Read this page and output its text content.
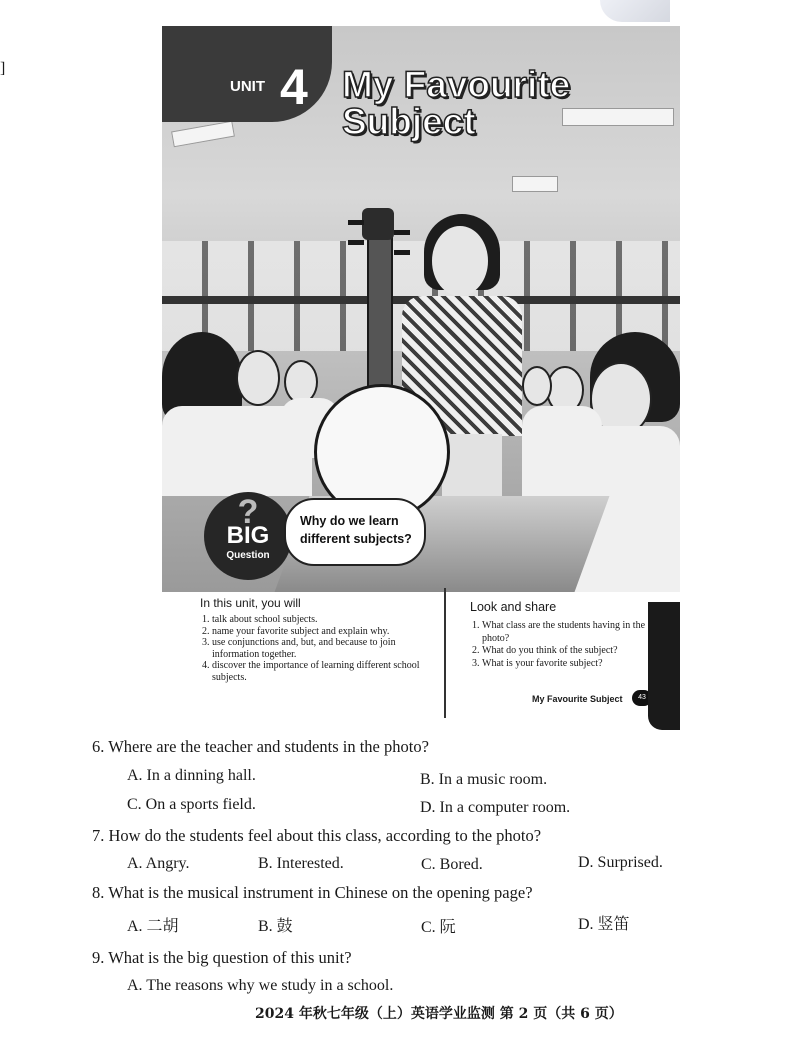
]
UNIT 4 My Favourite
Subject
?
BIG
Question
Why do we learn different subjects?
In this unit, you will
1. talk about school subjects.
2. name your favorite subject and explain why.
3. use conjunctions and, but, and because to join information together.
4. discover the importance of learning different school subjects.
Look and share
1. What class are the students having in the photo?
2. What do you think of the subject?
3. What is your favorite subject?
My Favourite Subject	43
6. Where are the teacher and students in the photo?
A. In a dinning hall.	B. In a music room.
C. On a sports field.	D. In a computer room.
7. How do the students feel about this class, according to the photo?
A. Angry.	B. Interested.	C. Bored.	D. Surprised.
8. What is the musical instrument in Chinese on the opening page?
A. 二胡	B. 鼓	C. 阮	D. 竖笛
9. What is the big question of this unit?
A. The reasons why we study in a school.
2024 年秋七年级（上）英语学业监测 第 2 页（共 6 页）
